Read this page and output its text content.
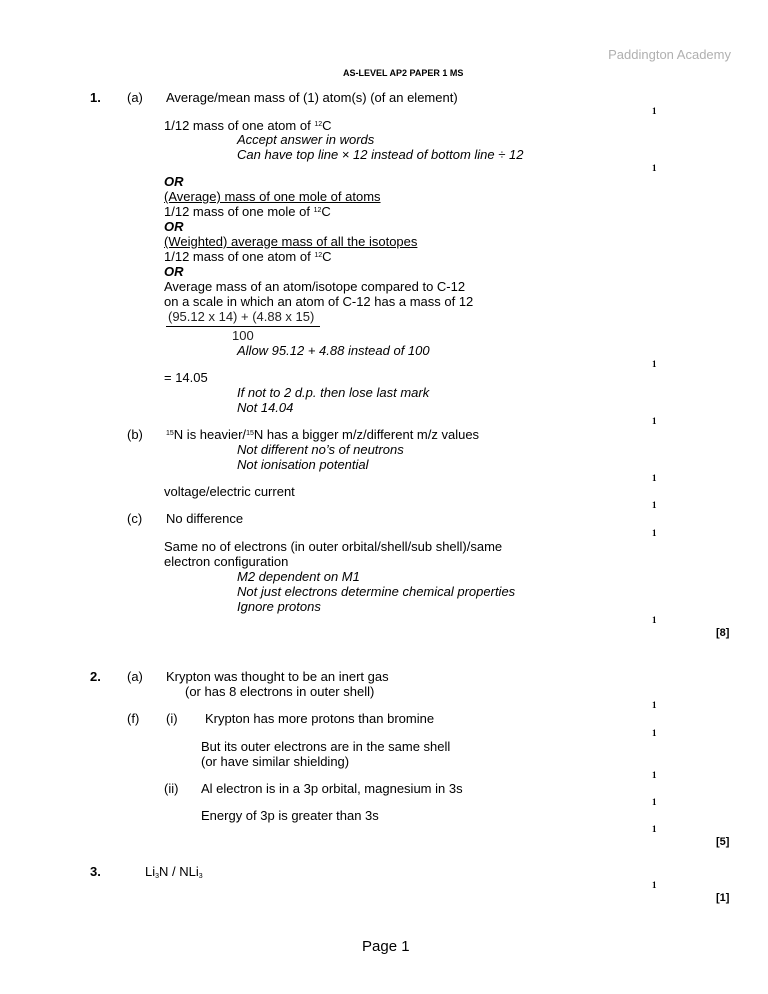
Paddington Academy
AS-LEVEL AP2 PAPER 1 MS
1. (a) Average/mean mass of (1) atom(s) (of an element)
1/12 mass of one atom of $^{12}$C
Accept answer in words
Can have top line × 12 instead of bottom line ÷ 12
OR
(Average) mass of one mole of atoms
1/12 mass of one mole of $^{12}$C
OR
(Weighted) average mass of all the isotopes
1/12 mass of one atom of $^{12}$C
OR
Average mass of an atom/isotope compared to C-12
on a scale in which an atom of C-12 has a mass of 12
(95.12 x 14) + (4.88 x 15)
100
Allow 95.12 + 4.88 instead of 100
= 14.05
If not to 2 d.p. then lose last mark
Not 14.04
(b)	$^{15}$N is heavier/$^{15}$N has a bigger m/z/different m/z values
Not different no’s of neutrons
Not ionisation potential
voltage/electric current
(c) No difference
Same no of electrons (in outer orbital/shell/sub shell)/same
electron configuration
M2 dependent on M1
Not just electrons determine chemical properties
Ignore protons
1
1
1
1
1
1
1
1
[8]
2. (a) Krypton was thought to be an inert gas
(or has 8 electrons in outer shell)
(f) (i) Krypton has more protons than bromine
But its outer electrons are in the same shell
(or have similar shielding)
(ii) Al electron is in a 3p orbital, magnesium in 3s
Energy of 3p is greater than 3s
1
1
1
1
1
[5]
3.	$Li_3N / NLi_3$
1
[1]
Page 1
